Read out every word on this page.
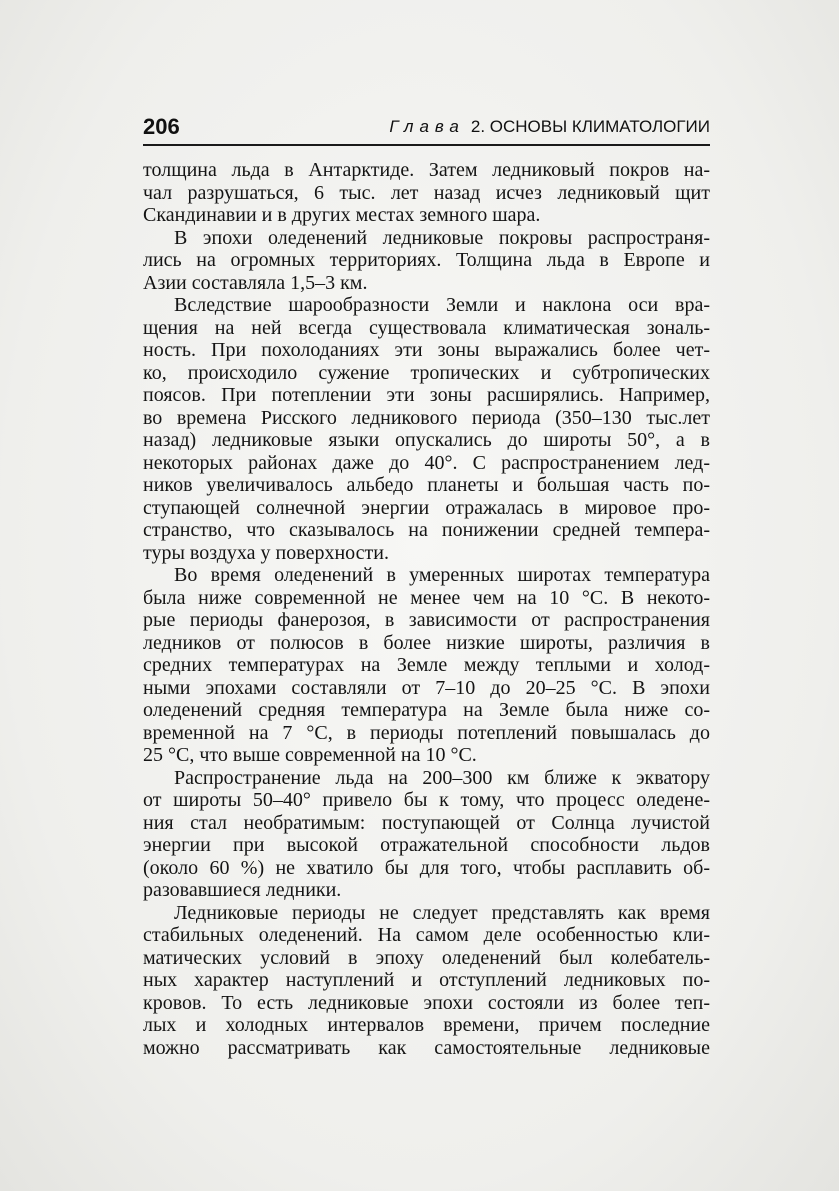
206	Глава 2. ОСНОВЫ КЛИМАТОЛОГИИ
толщина льда в Антарктиде. Затем ледниковый покров на-
чал разрушаться, 6 тыс. лет назад исчез ледниковый щит
Скандинавии и в других местах земного шара.
В эпохи оледенений ледниковые покровы распространя-
лись на огромных территориях. Толщина льда в Европе и
Азии составляла 1,5–3 км.
Вследствие шарообразности Земли и наклона оси вра-
щения на ней всегда существовала климатическая зональ-
ность. При похолоданиях эти зоны выражались более чет-
ко, происходило сужение тропических и субтропических
поясов. При потеплении эти зоны расширялись. Например,
во времена Рисского ледникового периода (350–130 тыс.лет
назад) ледниковые языки опускались до широты 50°, а в
некоторых районах даже до 40°. С распространением лед-
ников увеличивалось альбедо планеты и большая часть по-
ступающей солнечной энергии отражалась в мировое про-
странство, что сказывалось на понижении средней темпера-
туры воздуха у поверхности.
Во время оледенений в умеренных широтах температура
была ниже современной не менее чем на 10 °С. В некото-
рые периоды фанерозоя, в зависимости от распространения
ледников от полюсов в более низкие широты, различия в
средних температурах на Земле между теплыми и холод-
ными эпохами составляли от 7–10 до 20–25 °С. В эпохи
оледенений средняя температура на Земле была ниже со-
временной на 7 °С, в периоды потеплений повышалась до
25 °С, что выше современной на 10 °С.
Распространение льда на 200–300 км ближе к экватору
от широты 50–40° привело бы к тому, что процесс оледене-
ния стал необратимым: поступающей от Солнца лучистой
энергии при высокой отражательной способности льдов
(около 60 %) не хватило бы для того, чтобы расплавить об-
разовавшиеся ледники.
Ледниковые периоды не следует представлять как время
стабильных оледенений. На самом деле особенностью кли-
матических условий в эпоху оледенений был колебатель-
ных характер наступлений и отступлений ледниковых по-
кровов. То есть ледниковые эпохи состояли из более теп-
лых и холодных интервалов времени, причем последние
можно рассматривать как самостоятельные ледниковые
